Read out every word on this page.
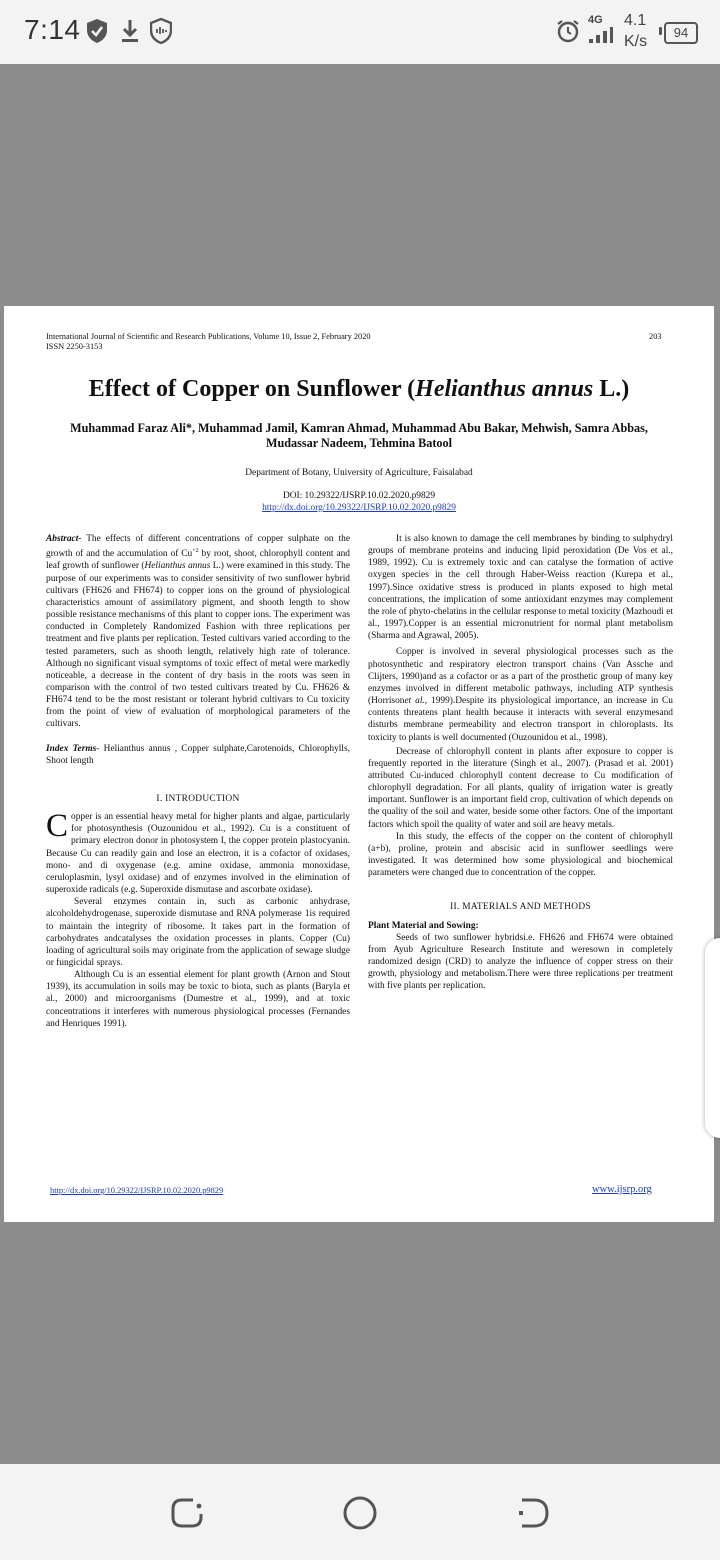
7:14	4G 4.1
K/s
94
International Journal of Scientific and Research Publications, Volume 10, Issue 2, February 2020
ISSN 2250-3153
203
Effect of Copper on Sunflower (Helianthus annus L.)
Muhammad Faraz Ali*, Muhammad Jamil, Kamran Ahmad, Muhammad Abu Bakar, Mehwish, Samra Abbas, Mudassar Nadeem, Tehmina Batool
Department of Botany, University of Agriculture, Faisalabad
DOI: 10.29322/IJSRP.10.02.2020.p9829
http://dx.doi.org/10.29322/IJSRP.10.02.2020.p9829

Abstract- The effects of different concentrations of copper sulphate on the growth of and the accumulation of $Cu^{+2}$ by root, shoot, chlorophyll content and leaf growth of sunflower (Helianthus annus L.) were examined in this study. The purpose of our experiments was to consider sensitivity of two sunflower hybrid cultivars (FH626 and FH674) to copper ions on the ground of physiological characteristics amount of assimilatory pigment, and shooth length to show possible resistance mechanisms of this plant to copper ions. The experiment was conducted in Completely Randomized Fashion with three replications per treatment and five plants per replication. Tested cultivars varied according to the tested parameters, such as shooth length, relatively high rate of tolerance. Although no significant visual symptoms of toxic effect of metal were markedly noticeable, a decrease in the content of dry basis in the roots was seen in comparison with the control of two tested cultivars treated by Cu. FH626 & FH674 tend to be the most resistant or tolerant hybrid cultivars to Cu toxicity from the point of view of evaluation of morphological parameters of the cultivars.

Index Terms- Helianthus annus , Copper sulphate,Carotenoids, Chlorophylls, Shoot length

I. INTRODUCTION

Copper is an essential heavy metal for higher plants and algae, particularly for photosynthesis (Ouzounidou et al., 1992). Cu is a constituent of primary electron donor in photosystem I, the copper protein plastocyanin. Because Cu can readily gain and lose an electron, it is a cofactor of oxidases, mono- and di oxygenase (e.g. amine oxidase, ammonia monoxidase, ceruloplasmin, lysyl oxidase) and of enzymes involved in the elimination of superoxide radicals (e.g. Superoxide dismutase and ascorbate oxidase).

Several enzymes contain in, such as carbonic anhydrase, alcoholdehydrogenase, superoxide dismutase and RNA polymerase 1is required to maintain the integrity of ribosome. It takes part in the formation of carbohydrates andcatalyses the oxidation processes in plants. Copper (Cu) loading of agricultural soils may originate from the application of sewage sludge or fungicidal sprays.

Although Cu is an essential element for plant growth (Arnon and Stout 1939), its accumulation in soils may be toxic to biota, such as plants (Baryla et al., 2000) and microorganisms (Dumestre et al., 1999), and at toxic concentrations it interferes with numerous physiological processes (Fernandes and Henriques 1991).

It is also known to damage the cell membranes by binding to sulphydryl groups of membrane proteins and inducing lipid peroxidation (De Vos et al., 1989, 1992). Cu is extremely toxic and can catalyse the formation of active oxygen species in the cell through Haber-Weiss reaction (Kurepa et al., 1997).Since oxidative stress is produced in plants exposed to high metal concentrations, the implication of some antioxidant enzymes may complement the role of phyto-chelatins in the cellular response to metal toxicity (Mazhoudi et al., 1997).Copper is an essential micronutrient for normal plant metabolism (Sharma and Agrawal, 2005).

Copper is involved in several physiological processes such as the photosynthetic and respiratory electron transport chains (Van Assche and Clijters, 1990)and as a cofactor or as a part of the prosthetic group of many key enzymes involved in different metabolic pathways, including ATP synthesis (Horrisonet al., 1999).Despite its physiological importance, an increase in Cu contents threatens plant health because it interacts with several enzymesand disturbs membrane permeability and electron transport in chloroplasts. Its toxicity to plants is well documented (Ouzounidou et al., 1998).

Decrease of chlorophyll content in plants after exposure to copper is frequently reported in the literature (Singh et al., 2007). (Prasad et al. 2001) attributed Cu-induced chlorophyll content decrease to Cu modification of chlorophyll degradation. For all plants, quality of irrigation water is greatly important. Sunflower is an important field crop, cultivation of which depends on the quality of the soil and water, beside some other factors. One of the important factors which spoil the quality of water and soil are heavy metals.

In this study, the effects of the copper on the content of chlorophyll (a+b), proline, protein and abscisic acid in sunflower seedlings were investigated. It was determined how some physiological and biochemical parameters were changed due to concentration of the copper.

II. MATERIALS AND METHODS

Plant Material and Sowing:

Seeds of two sunflower hybridsi.e. FH626 and FH674 were obtained from Ayub Agriculture Research Institute and weresown in completely randomized design (CRD) to analyze the influence of copper stress on their growth, physiology and metabolism.There were three replications per treatment with five plants per replication.

http://dx.doi.org/10.29322/IJSRP.10.02.2020.p9829	www.ijsrp.org
